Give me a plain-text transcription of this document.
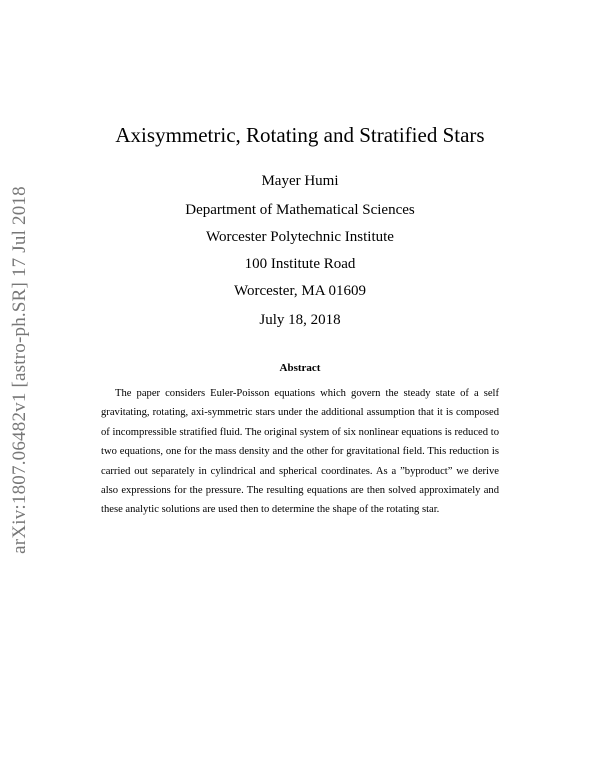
arXiv:1807.06482v1 [astro-ph.SR] 17 Jul 2018
Axisymmetric, Rotating and Stratified Stars
Mayer Humi
Department of Mathematical Sciences
Worcester Polytechnic Institute
100 Institute Road
Worcester, MA 01609
July 18, 2018
Abstract
The paper considers Euler-Poisson equations which govern the steady state of a self gravitating, rotating, axi-symmetric stars under the additional assumption that it is composed of incompressible stratified fluid. The original system of six nonlinear equations is reduced to two equations, one for the mass density and the other for gravitational field. This reduction is carried out separately in cylindrical and spherical coordinates. As a ”byproduct” we derive also expressions for the pressure. The resulting equations are then solved approximately and these analytic solutions are used then to determine the shape of the rotating star.
